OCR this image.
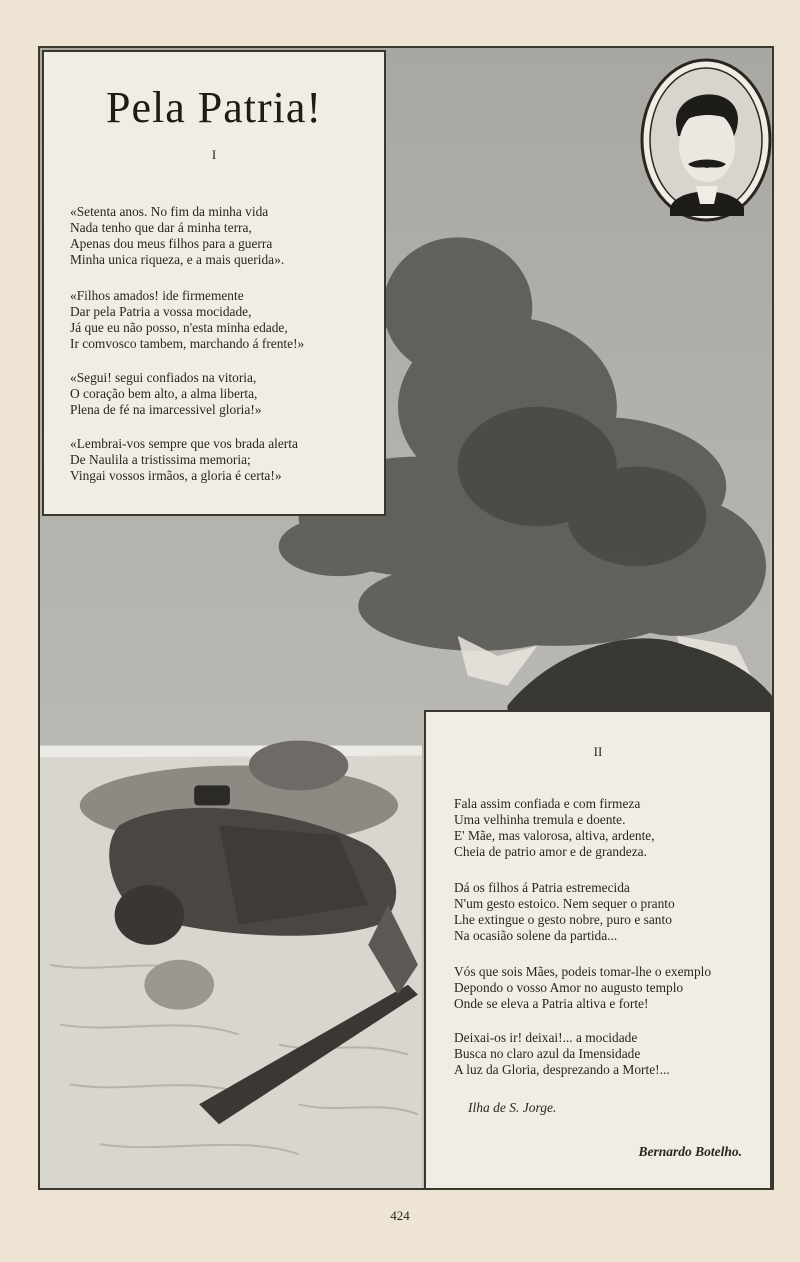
Pela Patria!
I
«Setenta anos. No fim da minha vida
Nada tenho que dar á minha terra,
Apenas dou meus filhos para a guerra
Minha unica riqueza, e a mais querida».
«Filhos amados! ide firmemente
Dar pela Patria a vossa mocidade,
Já que eu não posso, n'esta minha edade,
Ir comvosco tambem, marchando á frente!»
«Segui! segui confiados na vitoria,
O coração bem alto, a alma liberta,
Plena de fé na imarcessivel gloria!»
«Lembrai-vos sempre que vos brada alerta
De Naulila a tristissima memoria;
Vingai vossos irmãos, a gloria é certa!»
II
Fala assim confiada e com firmeza
Uma velhinha tremula e doente.
E' Mãe, mas valorosa, altiva, ardente,
Cheia de patrio amor e de grandeza.
Dá os filhos á Patria estremecida
N'um gesto estoico. Nem sequer o pranto
Lhe extingue o gesto nobre, puro e santo
Na ocasião solene da partida...
Vós que sois Mães, podeis tomar-lhe o exemplo
Depondo o vosso Amor no augusto templo
Onde se eleva a Patria altiva e forte!
Deixai-os ir! deixai!... a mocidade
Busca no claro azul da Imensidade
A luz da Gloria, desprezando a Morte!...
Ilha de S. Jorge.
Bernardo Botelho.
424
